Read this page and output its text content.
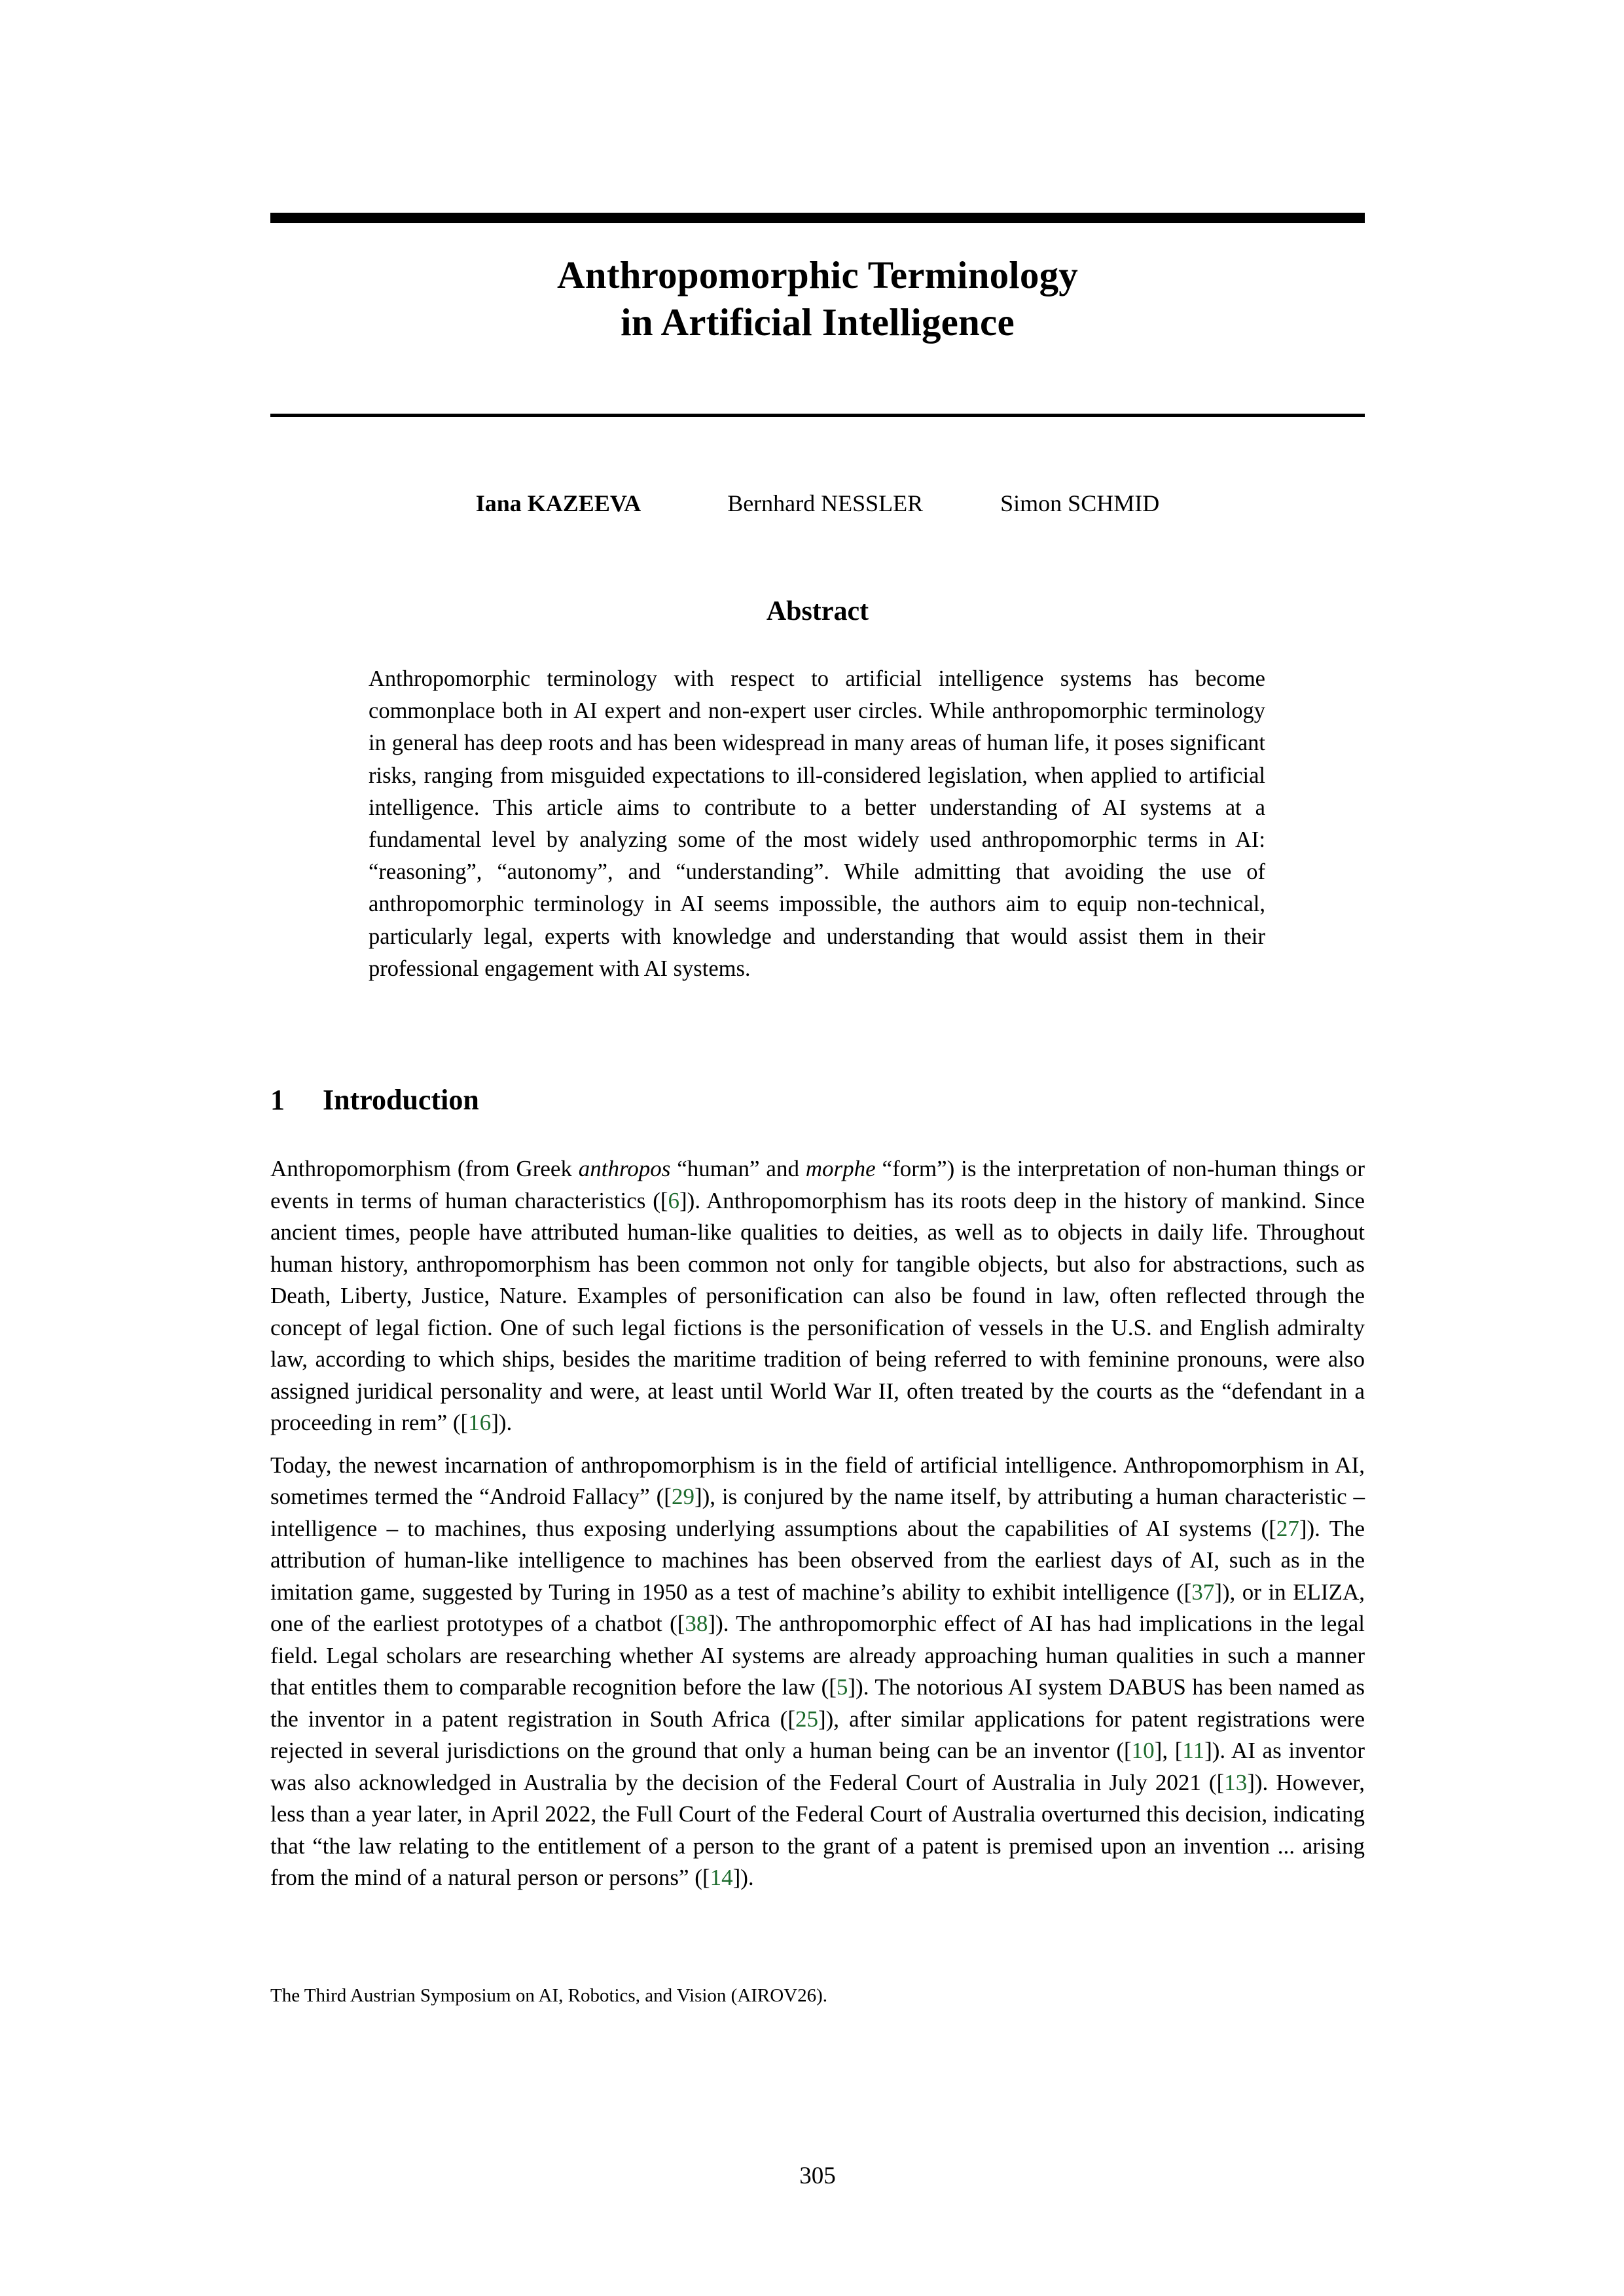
Anthropomorphic Terminology
in Artificial Intelligence
Iana KAZEEVA	Bernhard NESSLER	Simon SCHMID
Abstract
Anthropomorphic terminology with respect to artificial intelligence systems has become commonplace both in AI expert and non-expert user circles. While anthropomorphic terminology in general has deep roots and has been widespread in many areas of human life, it poses significant risks, ranging from misguided expectations to ill-considered legislation, when applied to artificial intelligence. This article aims to contribute to a better understanding of AI systems at a fundamental level by analyzing some of the most widely used anthropomorphic terms in AI: “reasoning”, “autonomy”, and “understanding”. While admitting that avoiding the use of anthropomorphic terminology in AI seems impossible, the authors aim to equip non-technical, particularly legal, experts with knowledge and understanding that would assist them in their professional engagement with AI systems.
1	Introduction

Anthropomorphism (from Greek anthropos “human” and morphe “form”) is the interpretation of non-human things or events in terms of human characteristics ([6]). Anthropomorphism has its roots deep in the history of mankind. Since ancient times, people have attributed human-like qualities to deities, as well as to objects in daily life. Throughout human history, anthropomorphism has been common not only for tangible objects, but also for abstractions, such as Death, Liberty, Justice, Nature. Examples of personification can also be found in law, often reflected through the concept of legal fiction. One of such legal fictions is the personification of vessels in the U.S. and English admiralty law, according to which ships, besides the maritime tradition of being referred to with feminine pronouns, were also assigned juridical personality and were, at least until World War II, often treated by the courts as the “defendant in a proceeding in rem” ([16]).

Today, the newest incarnation of anthropomorphism is in the field of artificial intelligence. Anthropomorphism in AI, sometimes termed the “Android Fallacy” ([29]), is conjured by the name itself, by attributing a human characteristic – intelligence – to machines, thus exposing underlying assumptions about the capabilities of AI systems ([27]). The attribution of human-like intelligence to machines has been observed from the earliest days of AI, such as in the imitation game, suggested by Turing in 1950 as a test of machine’s ability to exhibit intelligence ([37]), or in ELIZA, one of the earliest prototypes of a chatbot ([38]). The anthropomorphic effect of AI has had implications in the legal field. Legal scholars are researching whether AI systems are already approaching human qualities in such a manner that entitles them to comparable recognition before the law ([5]). The notorious AI system DABUS has been named as the inventor in a patent registration in South Africa ([25]), after similar applications for patent registrations were rejected in several jurisdictions on the ground that only a human being can be an inventor ([10], [11]). AI as inventor was also acknowledged in Australia by the decision of the Federal Court of Australia in July 2021 ([13]). However, less than a year later, in April 2022, the Full Court of the Federal Court of Australia overturned this decision, indicating that “the law relating to the entitlement of a person to the grant of a patent is premised upon an invention ... arising from the mind of a natural person or persons” ([14]).

The Third Austrian Symposium on AI, Robotics, and Vision (AIROV26).
305
